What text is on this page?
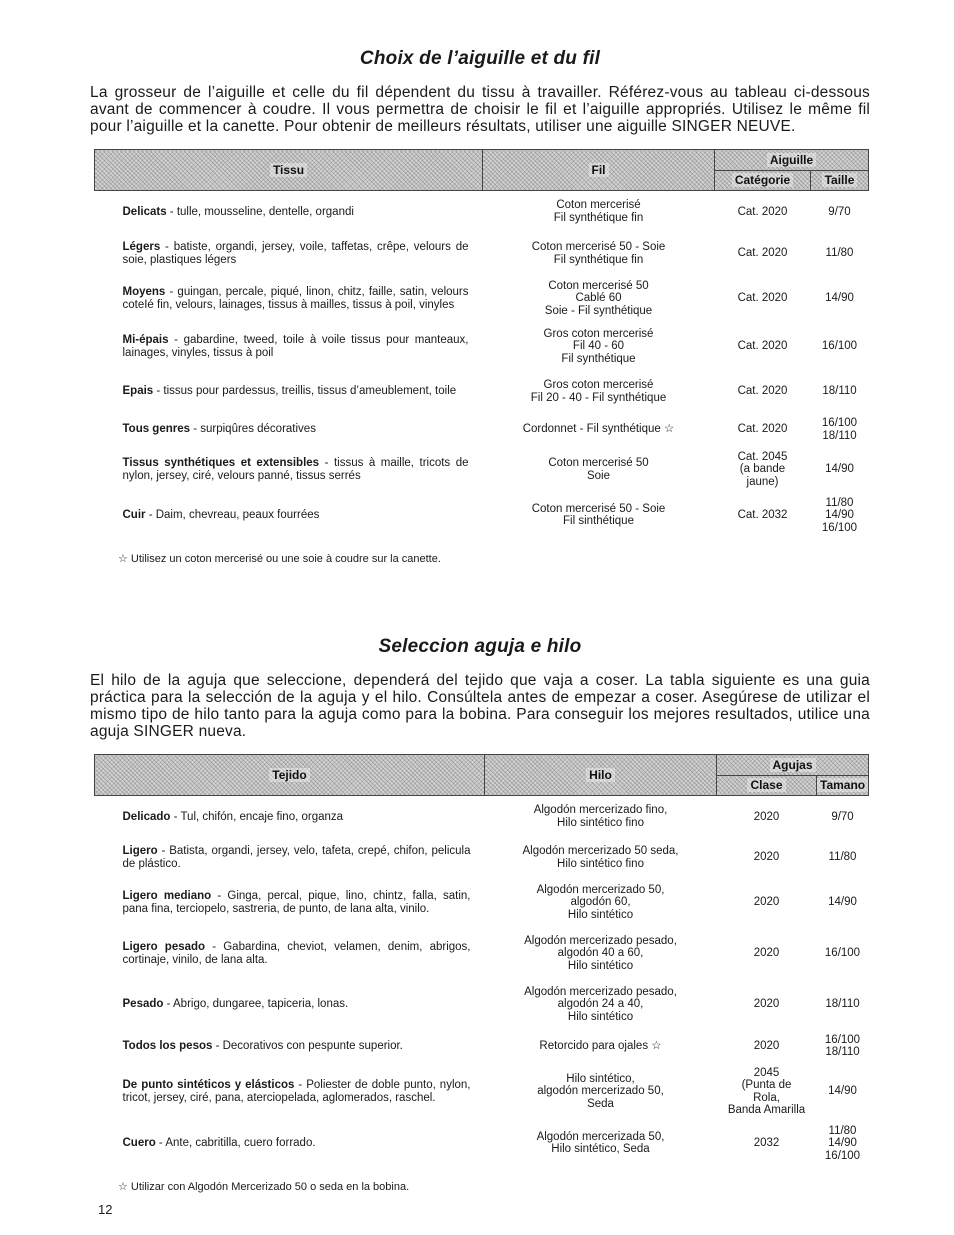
Choix de l’aiguille et du fil

La grosseur de l’aiguille et celle du fil dépendent du tissu à travailler. Référez-vous au tableau ci-dessous avant de commencer à coudre. Il vous permettra de choisir le fil et l’aiguille appropriés. Utilisez le même fil pour l’aiguille et la canette. Pour obtenir de meilleurs résultats, utiliser une aiguille SINGER NEUVE.

Tissu	Fil	Aiguille	
		Catégorie	Taille
Delicats - tulle, mousseline, dentelle, organdi	Coton mercerisé
Fil synthétique fin	Cat. 2020	9/70
Légers - batiste, organdi, jersey, voile, taffetas, crêpe, velours de soie, plastiques légers	Coton mercerisé 50 - Soie
Fil synthétique fin	Cat. 2020	11/80
Moyens - guingan, percale, piqué, linon, chitz, faille, satin, velours coteIé fin, velours, lainages, tissus à mailles, tissus à poil, vinyles	Coton mercerisé 50
Cablé 60
Soie - Fil synthétique	Cat. 2020	14/90
Mi-épais - gabardine, tweed, toile à voile tissus pour manteaux, lainages, vinyles, tissus à poil	Gros coton mercerisé
Fil 40 - 60
Fil synthétique	Cat. 2020	16/100
Epais - tissus pour pardessus, treillis, tissus d’ameublement, toile	Gros coton mercerisé
Fil 20 - 40 - Fil synthétique	Cat. 2020	18/110
Tous genres - surpiqûres décoratives	Cordonnet - Fil synthétique ☆	Cat. 2020	16/100
18/110
Tissus synthétiques et extensibles - tissus à maille, tricots de nylon, jersey, ciré, velours panné, tissus serrés	Coton mercerisé 50
Soie	Cat. 2045
(a bande
jaune)	14/90
Cuir - Daim, chevreau, peaux fourrées	Coton mercerisé 50 - Soie
Fil sinthétique	Cat. 2032	11/80
14/90
16/100
☆ Utilisez un coton mercerisé ou une soie à coudre sur la canette.
Seleccion aguja e hilo

El hilo de la aguja que seleccione, dependerá del tejido que vaja a coser. La tabla siguiente es una guia práctica para la selección de la aguja y el hilo. Consúltela antes de empezar a coser. Asegúrese de utilizar el mismo tipo de hilo tanto para la aguja como para la bobina. Para conseguir los mejores resultados, utilice una aguja SINGER nueva.

Tejido	Hilo	Agujas	
		Clase	Tamano
Delicado - Tul, chifón, encaje fino, organza	Algodón mercerizado fino,
Hilo sintético fino	2020	9/70
Ligero - Batista, organdi, jersey, velo, tafeta, crepé, chifon, pelicula de plástico.	Algodón mercerizado 50 seda,
Hilo sintético fino	2020	11/80
Ligero mediano - Ginga, percal, pique, lino, chintz, falla, satin, pana fina, terciopelo, sastreria, de punto, de lana alta, vinilo.	Algodón mercerizado 50,
algodón 60,
Hilo sintético	2020	14/90
Ligero pesado - Gabardina, cheviot, velamen, denim, abrigos, cortinaje, vinilo, de lana alta.	Algodón mercerizado pesado,
algodón 40 a 60,
Hilo sintético	2020	16/100
Pesado - Abrigo, dungaree, tapiceria, lonas.	Algodón mercerizado pesado,
algodón 24 a 40,
Hilo sintético	2020	18/110
Todos los pesos - Decorativos con pespunte superior.	Retorcido para ojales ☆	2020	16/100
18/110
De punto sintéticos y elásticos - Poliester de doble punto, nylon, tricot, jersey, ciré, pana, aterciopelada, aglomerados, raschel.	Hilo sintético,
algodón mercerizado 50,
Seda	2045
(Punta de
Rola,
Banda Amarilla	14/90
Cuero - Ante, cabritilla, cuero forrado.	Algodón mercerizada 50,
Hilo sintético, Seda	2032	11/80
14/90
16/100
☆ Utilizar con Algodón Mercerizado 50 o seda en la bobina.
12
